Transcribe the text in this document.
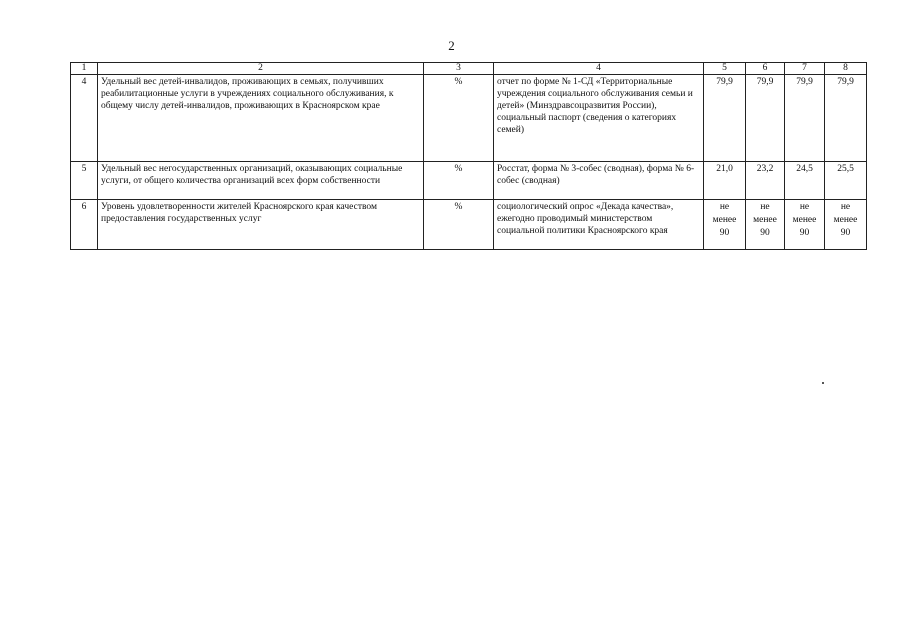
2
1	2	3	4	5	6	7	8
4	Удельный вес детей-инвалидов, проживающих в семьях, получивших реабилитационные услуги в учреждениях социального обслуживания, к общему числу детей-инвалидов, проживающих в Красноярском крае	%	отчет по форме № 1-СД «Территориальные учреждения социального обслуживания семьи и детей» (Минздравсоцразвития России), социальный паспорт (сведения о категориях семей)	79,9	79,9	79,9	79,9
5	Удельный вес негосударственных организаций, оказывающих социальные услуги, от общего количества организаций всех форм собственности	%	Росстат, форма № 3-собес (сводная), форма № 6-собес (сводная)	21,0	23,2	24,5	25,5
6	Уровень удовлетворенности жителей Красноярского края качеством предоставления государственных услуг	%	социологический опрос «Декада качества», ежегодно проводимый министерством социальной политики Красноярского края	не менее 90	не менее 90	не менее 90	не менее 90
